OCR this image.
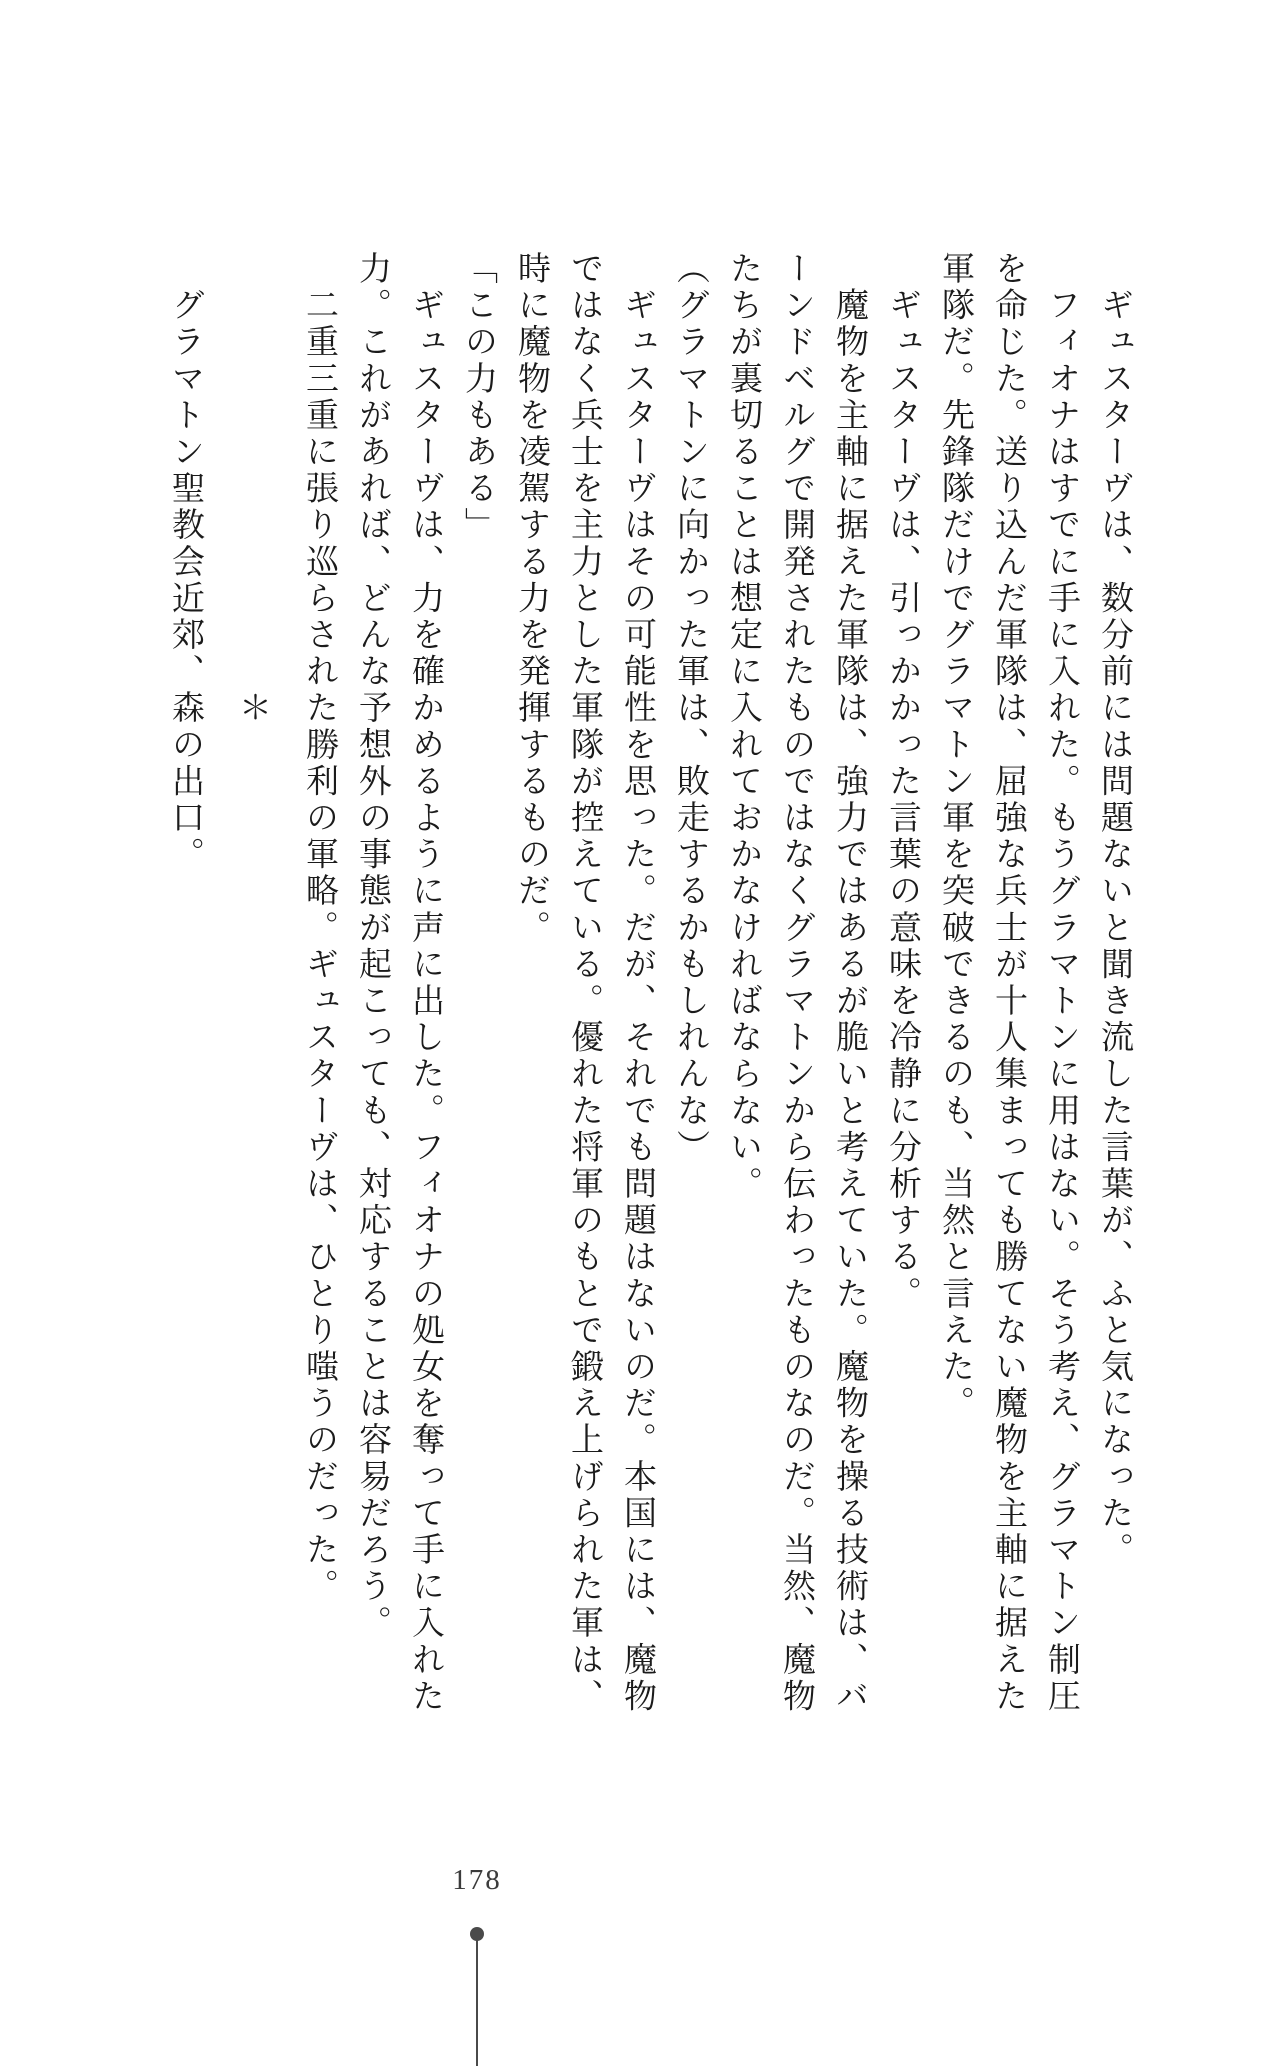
　ギュスターヴは、数分前には問題ないと聞き流した言葉が、ふと気になった。

　フィオナはすでに手に入れた。もうグラマトンに用はない。そう考え、グラマトン制圧

を命じた。送り込んだ軍隊は、屈強な兵士が十人集まっても勝てない魔物を主軸に据えた

軍隊だ。先鋒隊だけでグラマトン軍を突破できるのも、当然と言えた。

　ギュスターヴは、引っかかった言葉の意味を冷静に分析する。

　魔物を主軸に据えた軍隊は、強力ではあるが脆いと考えていた。魔物を操る技術は、バ

ーンドベルグで開発されたものではなくグラマトンから伝わったものなのだ。当然、魔物

たちが裏切ることは想定に入れておかなければならない。

（グラマトンに向かった軍は、敗走するかもしれんな）

　ギュスターヴはその可能性を思った。だが、それでも問題はないのだ。本国には、魔物

ではなく兵士を主力とした軍隊が控えている。優れた将軍のもとで鍛え上げられた軍は、

時に魔物を凌駕する力を発揮するものだ。

「この力もある」

　ギュスターヴは、力を確かめるように声に出した。フィオナの処女を奪って手に入れた

力。これがあれば、どんな予想外の事態が起こっても、対応することは容易だろう。

　二重三重に張り巡らされた勝利の軍略。ギュスターヴは、ひとり嗤うのだった。

＊

　グラマトン聖教会近郊、森の出口。

178
